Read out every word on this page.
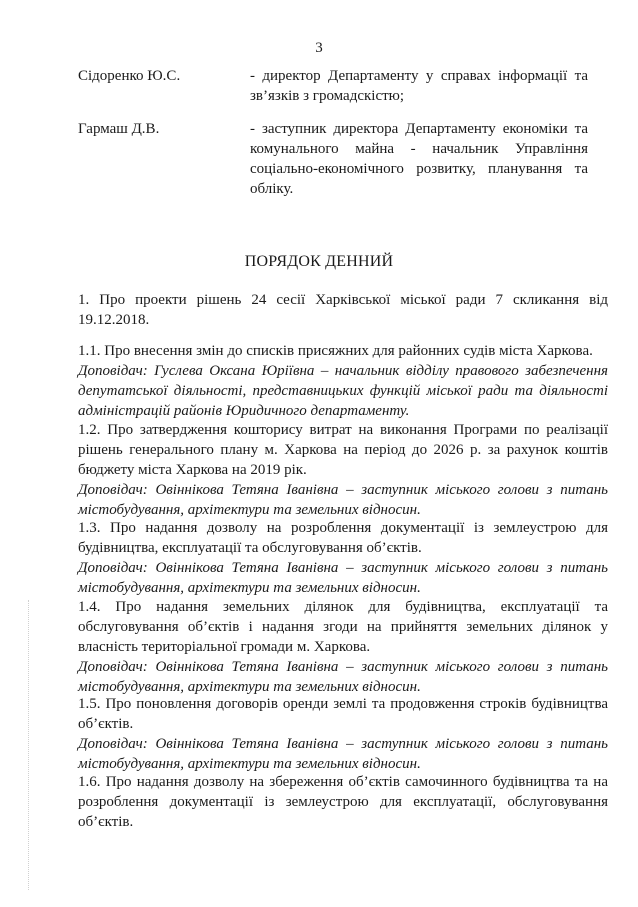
3
Сідоренко Ю.С.	- директор Департаменту у справах інформації та зв’язків з громадскістю;
Гармаш Д.В.	- заступник директора Департаменту економіки та комунального майна - начальник Управління соціально-економічного розвитку, планування та обліку.
ПОРЯДОК ДЕННИЙ
1. Про проекти рішень 24 сесії Харківської міської ради 7 скликання від 19.12.2018.
1.1. Про внесення змін до списків присяжних для районних судів міста Харкова.
Доповідач: Гуслева Оксана Юріївна – начальник відділу правового забезпечення депутатської діяльності, представницьких функцій міської ради та діяльності адміністрацій районів Юридичного департаменту.
1.2. Про затвердження кошторису витрат на виконання Програми по реалізації рішень генерального плану м. Харкова на період до 2026 р. за рахунок коштів бюджету міста Харкова на 2019 рік.
Доповідач: Овіннікова Тетяна Іванівна – заступник міського голови з питань містобудування, архітектури та земельних відносин.
1.3. Про надання дозволу на розроблення документації із землеустрою для будівництва, експлуатації та обслуговування об’єктів.
Доповідач: Овіннікова Тетяна Іванівна – заступник міського голови з питань містобудування, архітектури та земельних відносин.
1.4. Про надання земельних ділянок для будівництва, експлуатації та обслуговування об’єктів і надання згоди на прийняття земельних ділянок у власність територіальної громади м. Харкова.
Доповідач: Овіннікова Тетяна Іванівна – заступник міського голови з питань містобудування, архітектури та земельних відносин.
1.5. Про поновлення договорів оренди землі та продовження строків будівництва об’єктів.
Доповідач: Овіннікова Тетяна Іванівна – заступник міського голови з питань містобудування, архітектури та земельних відносин.
1.6. Про надання дозволу на збереження об’єктів самочинного будівництва та на розроблення документації із землеустрою для експлуатації, обслуговування об’єктів.
